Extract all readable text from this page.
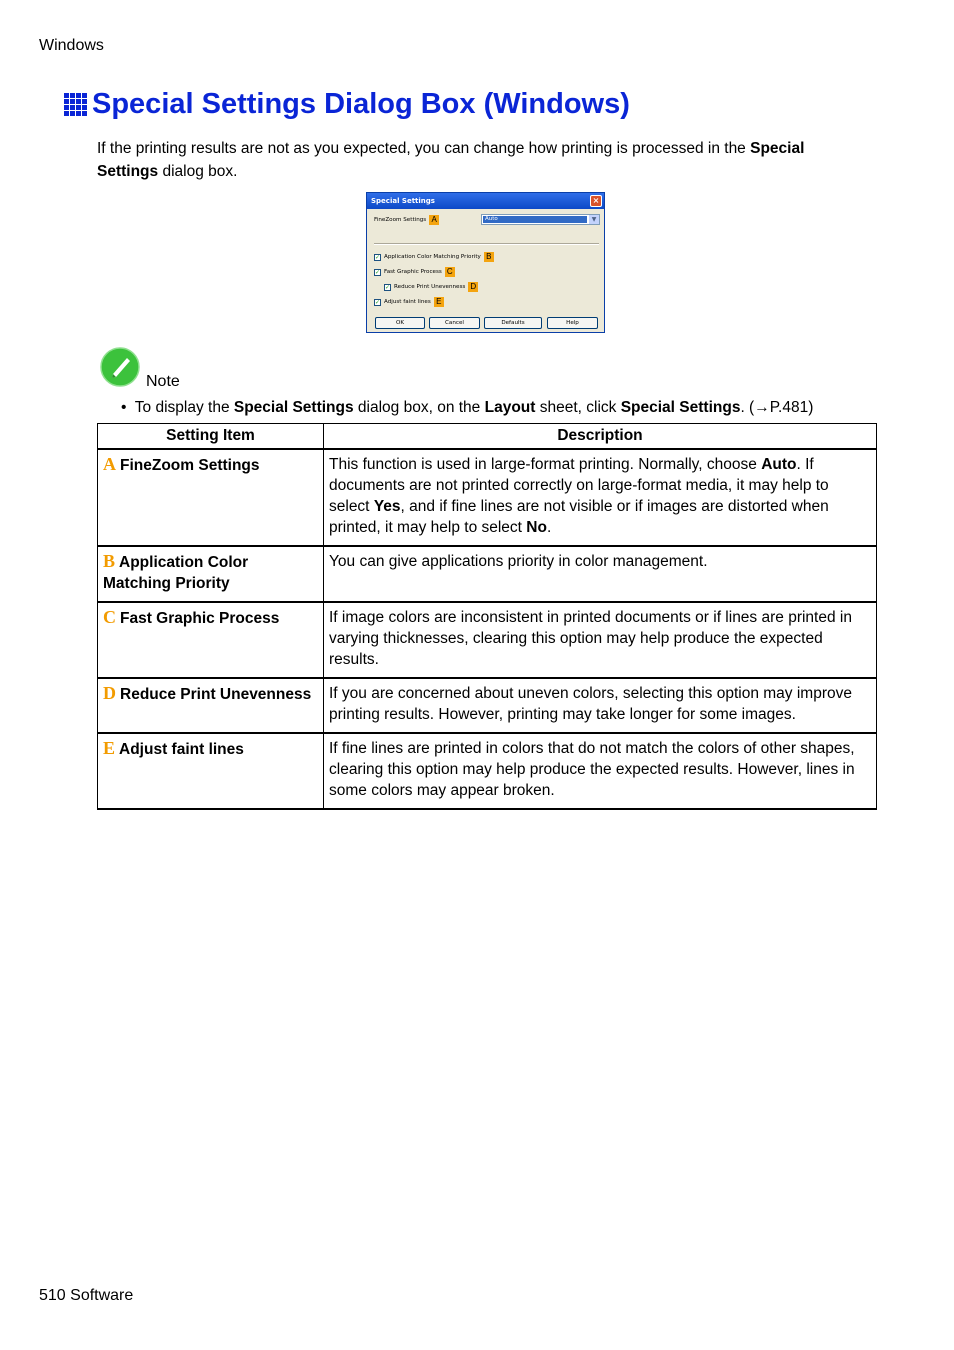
Windows
Special Settings Dialog Box (Windows)

If the printing results are not as you expected, you can change how printing is processed in the Special Settings dialog box.

Special Settings	×
FineZoom Settings A	Auto	▼
✓ Application Color Matching Priority B
✓ Fast Graphic Process C
✓ Reduce Print Unevenness D
✓ Adjust faint lines E
OK	Cancel	Defaults	Help
Note
• To display the Special Settings dialog box, on the Layout sheet, click Special Settings. (→P.481)
Setting Item	Description
A FineZoom Settings	This function is used in large-format printing. Normally, choose Auto. If documents are not printed correctly on large-format media, it may help to select Yes, and if fine lines are not visible or if images are distorted when printed, it may help to select No.
B Application Color Matching Priority	You can give applications priority in color management.
C Fast Graphic Process	If image colors are inconsistent in printed documents or if lines are printed in varying thicknesses, clearing this option may help produce the expected results.
D Reduce Print Unevenness	If you are concerned about uneven colors, selecting this option may improve printing results. However, printing may take longer for some images.
E Adjust faint lines	If fine lines are printed in colors that do not match the colors of other shapes, clearing this option may help produce the expected results. However, lines in some colors may appear broken.
510 Software
